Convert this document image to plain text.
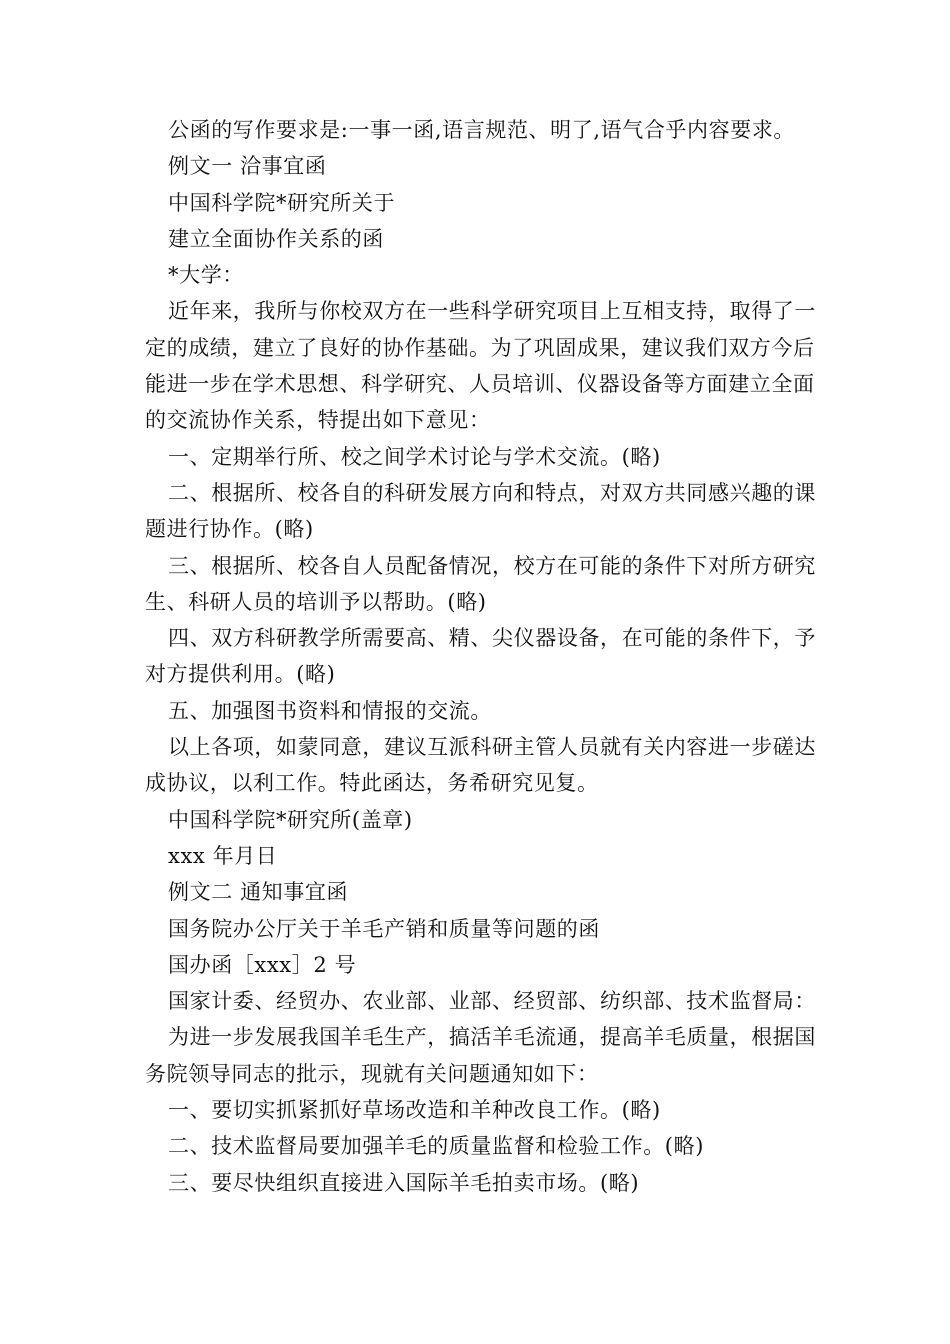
公函的写作要求是:一事一函,语言规范、明了,语气合乎内容要求。
例文一 洽事宜函
中国科学院*研究所关于
建立全面协作关系的函
*大学：

近年来，我所与你校双方在一些科学研究项目上互相支持，取得了一定的成绩，建立了良好的协作基础。为了巩固成果，建议我们双方今后能进一步在学术思想、科学研究、人员培训、仪器设备等方面建立全面的交流协作关系，特提出如下意见：

一、定期举行所、校之间学术讨论与学术交流。(略)

二、根据所、校各自的科研发展方向和特点，对双方共同感兴趣的课题进行协作。(略)

三、根据所、校各自人员配备情况，校方在可能的条件下对所方研究生、科研人员的培训予以帮助。(略)

四、双方科研教学所需要高、精、尖仪器设备，在可能的条件下，予对方提供利用。(略)

五、加强图书资料和情报的交流。

以上各项，如蒙同意，建议互派科研主管人员就有关内容进一步磋达成协议，以利工作。特此函达，务希研究见复。

中国科学院*研究所(盖章)
xxx 年月日
例文二 通知事宜函
国务院办公厅关于羊毛产销和质量等问题的函
国办函［xxx］2 号
国家计委、经贸办、农业部、业部、经贸部、纺织部、技术监督局：

为进一步发展我国羊毛生产，搞活羊毛流通，提高羊毛质量，根据国务院领导同志的批示，现就有关问题通知如下：

一、要切实抓紧抓好草场改造和羊种改良工作。(略)
二、技术监督局要加强羊毛的质量监督和检验工作。(略)
三、要尽快组织直接进入国际羊毛拍卖市场。(略)
